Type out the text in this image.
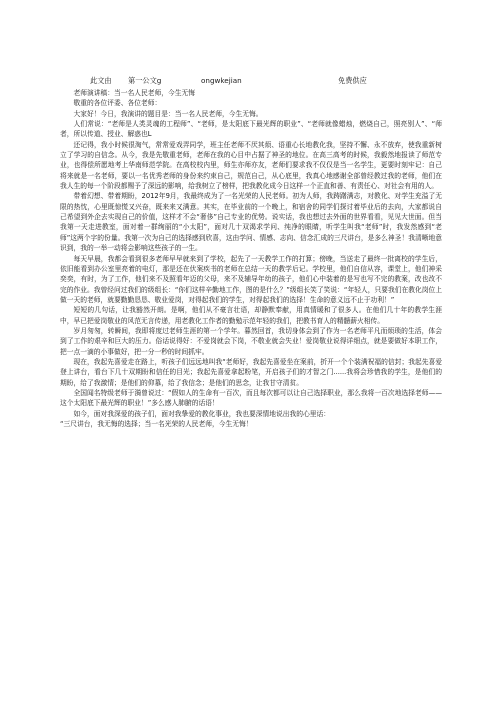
此文由 第一公文g	ongwkejian	免费供应

老师演讲稿：当一名人民老师，今生无悔

敬重的各位评委、各位老师：

大家好！今日，我演讲的题目是：当一名人民老师，今生无悔。

人们常说：“老师是人类灵魂的工程师”、“老师，是太阳底下最光辉的职业”、“老师就像蜡烛，燃烧自己，照亮别人”、“师者，所以传道、授业、解惑也L

还记得，我小时候很淘气，常常爱戏弄同学，班主任老师不厌其烦、语重心长地教化我，坚持不懈、永不放弃，使我重新树立了学习的自信念。从今，我是先敬重老师，老师在我的心目中占据了神圣的地位。在高三高考的时候，我毅然地报读了师范专业，也得偿所愿地考上华南师范学院。在高校校内里，师生亦师亦友，老师们要求我不仅仅是当一名学生，更要时刻牢记：自己将来就是一名老师，要以一名优秀老师的身份来约束自己，规范自己，从心底里，我真心地感谢全部曾经教过我的老师，他们在我人生的每一个阶段都赐予了深远的影响，给我树立了榜样，把我教化成今日这样一个正直和善、有责任心、对社会有用的人。

带着幻想、带着期盼，2012年9月，我最终成为了一名光荣的人民老师。初为人师，我踌躇满志，对教化、对学生充溢了无限的热忱，心里既惊慌又兴奋，既来来又满意。其实，在毕业前的一个晚上，和宿舍的同学们探讨着毕业后的去向，大家都说自己希望到外企去实现自己的价值，这样才不会“奢侈”自己专业的优势。说实话，我也想过去外面的世界看看，见见大世面。但当我第一天走进教室，面对着一群绚丽的“小太阳”，面对几十双渴求学问、纯净的眼睛，听学生叫我“老师”时，我发然感到“老师”这两个字的份量。我第一次为自己的选择感到欣喜，这由学问、情感、志向、信念汇成的三尺讲台，是多么神圣！我清晰地意识到，我的一举一动将会影响这些孩子的一生。

每天早晨，我都会看到很多老师早早就来到了学校，起先了一天教学工作的打算；傍晚，当送走了最终一批离校的学生后，依旧能看到办公室里亮着的电灯，那是还在伏案疾书的老师在总结一天的教学后记。学校里，他们自信从容，课堂上，他们神采奕奕，有时，为了工作，他们来不及照看年迈的父母，来不及辅导年幼的孩子，他们心中装着的是写也写不完的教案，改也改不完的作业。我曾经问过我们的级组长：“你们这样辛勤地工作，图的是什么？”级组长笑了笑说：“年轻人，只要我们在教化岗位上做一天的老师，就要勤勤恳恳、敬业爱岗，对得起我们的学生，对得起我们的选择！生命的意义远不止于功利！”

短短的几句话，让我豁然开朗。是啊，他们从不豪言壮语，却静默奉献，用真情暖和了很多人。在他们几十年的教学生涯中，早已把爱岗敬业的风范无言传递，用老教化工作者的勤勉示范年轻的我们，把教书育人的精髓薪火相传。

岁月匆匆，转瞬间，我即将度过老师生涯的第一个学年。暮然回首，我切身体会到了作为一名老师平凡而烦琐的生活，体会到了工作的艰辛和巨大的压力。俗话说得好：不爱岗就会下岗，不敬业就会失业！爱岗敬业说得详细点，就是要做好本职工作，把一点一滴的小事做好，把一分一秒的时间抓牢。

现在，我起先喜爱走在路上，听孩子们远远地叫我“老师好，我起先喜爱坐在案前，折开一个个装满祝福的信封；我起先喜爱登上讲台，看台下几十双期盼和信任的目光；我起先喜爱拿起粉笔，开启孩子们的才智之门......我将会珍惜我的学生，是他们的期盼，给了我激情；是他们的仰慕，给了我信念；是他们的思念，让我甘守清贫。

全国闻名特级老师于漪曾说过：“假如人的生命有一百次，而且每次都可以让自己选择职业，那么我将一百次地选择老师——这个太阳底下最光辉的职业！”多么感人肺腑的话语！

如今，面对我深爱的孩子们，面对我挚爱的教化事业，我也要深情地说出我的心里话：

“三尺讲台，我无悔的选择；当一名光荣的人民老师，今生无悔！
